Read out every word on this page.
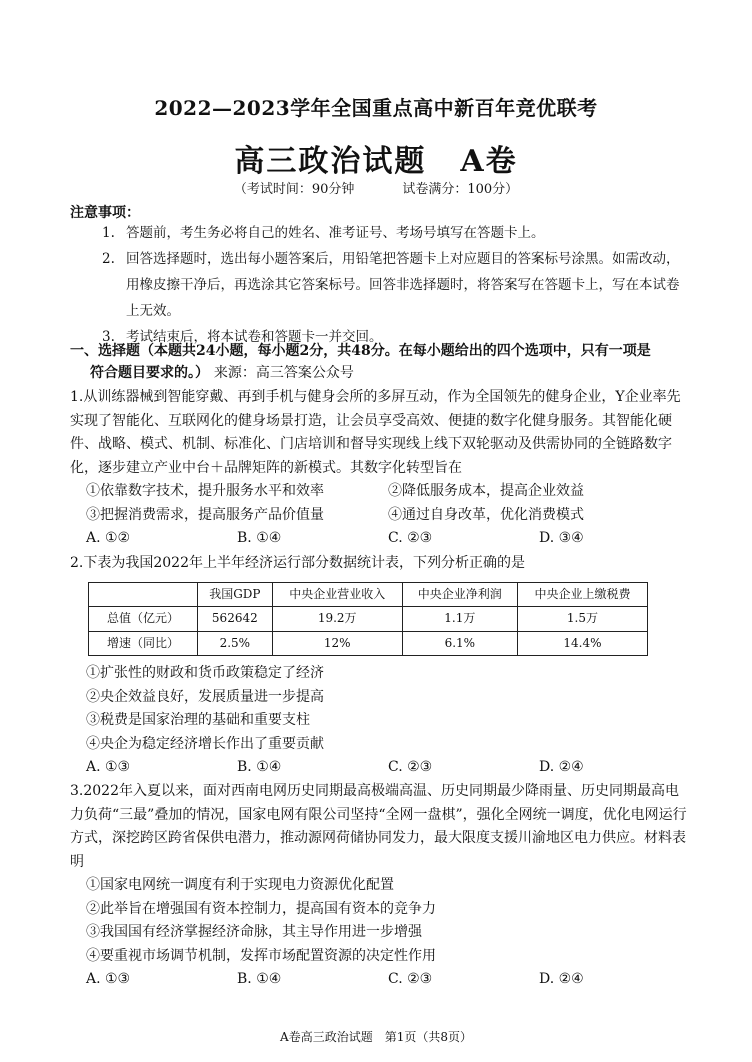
2022—2023学年全国重点高中新百年竞优联考
高三政治试题 A卷
（考试时间：90分钟	试卷满分：100分）
注意事项：
1. 答题前，考生务必将自己的姓名、准考证号、考场号填写在答题卡上。
2. 回答选择题时，选出每小题答案后，用铅笔把答题卡上对应题目的答案标号涂黑。如需改动，用橡皮擦干净后，再选涂其它答案标号。回答非选择题时，将答案写在答题卡上，写在本试卷上无效。
3. 考试结束后，将本试卷和答题卡一并交回。
一、选择题（本题共24小题，每小题2分，共48分。在每小题给出的四个选项中，只有一项是
符合题目要求的。） 来源：高三答案公众号
1.从训练器械到智能穿戴、再到手机与健身会所的多屏互动，作为全国领先的健身企业，Y企业率先实现了智能化、互联网化的健身场景打造，让会员享受高效、便捷的数字化健身服务。其智能化硬件、战略、模式、机制、标准化、门店培训和督导实现线上线下双轮驱动及供需协同的全链路数字化，逐步建立产业中台＋品牌矩阵的新模式。其数字化转型旨在
①依靠数字技术，提升服务水平和效率	②降低服务成本，提高企业效益
③把握消费需求，提高服务产品价值量	④通过自身改革，优化消费模式
A. ①②	B. ①④	C. ②③	D. ③④
2.下表为我国2022年上半年经济运行部分数据统计表，下列分析正确的是
	我国GDP	中央企业营业收入	中央企业净利润	中央企业上缴税费
总值（亿元）	562642	19.2万	1.1万	1.5万
增速（同比）	2.5%	12%	6.1%	14.4%
①扩张性的财政和货币政策稳定了经济
②央企效益良好，发展质量进一步提高
③税费是国家治理的基础和重要支柱
④央企为稳定经济增长作出了重要贡献
A. ①③	B. ①④	C. ②③	D. ②④
3.2022年入夏以来，面对西南电网历史同期最高极端高温、历史同期最少降雨量、历史同期最高电力负荷“三最”叠加的情况，国家电网有限公司坚持“全网一盘棋”，强化全网统一调度，优化电网运行方式，深挖跨区跨省保供电潜力，推动源网荷储协同发力，最大限度支援川渝地区电力供应。材料表明
①国家电网统一调度有利于实现电力资源优化配置
②此举旨在增强国有资本控制力，提高国有资本的竞争力
③我国国有经济掌握经济命脉，其主导作用进一步增强
④要重视市场调节机制，发挥市场配置资源的决定性作用
A. ①③	B. ①④	C. ②③	D. ②④
A卷高三政治试题　第1页（共8页）
